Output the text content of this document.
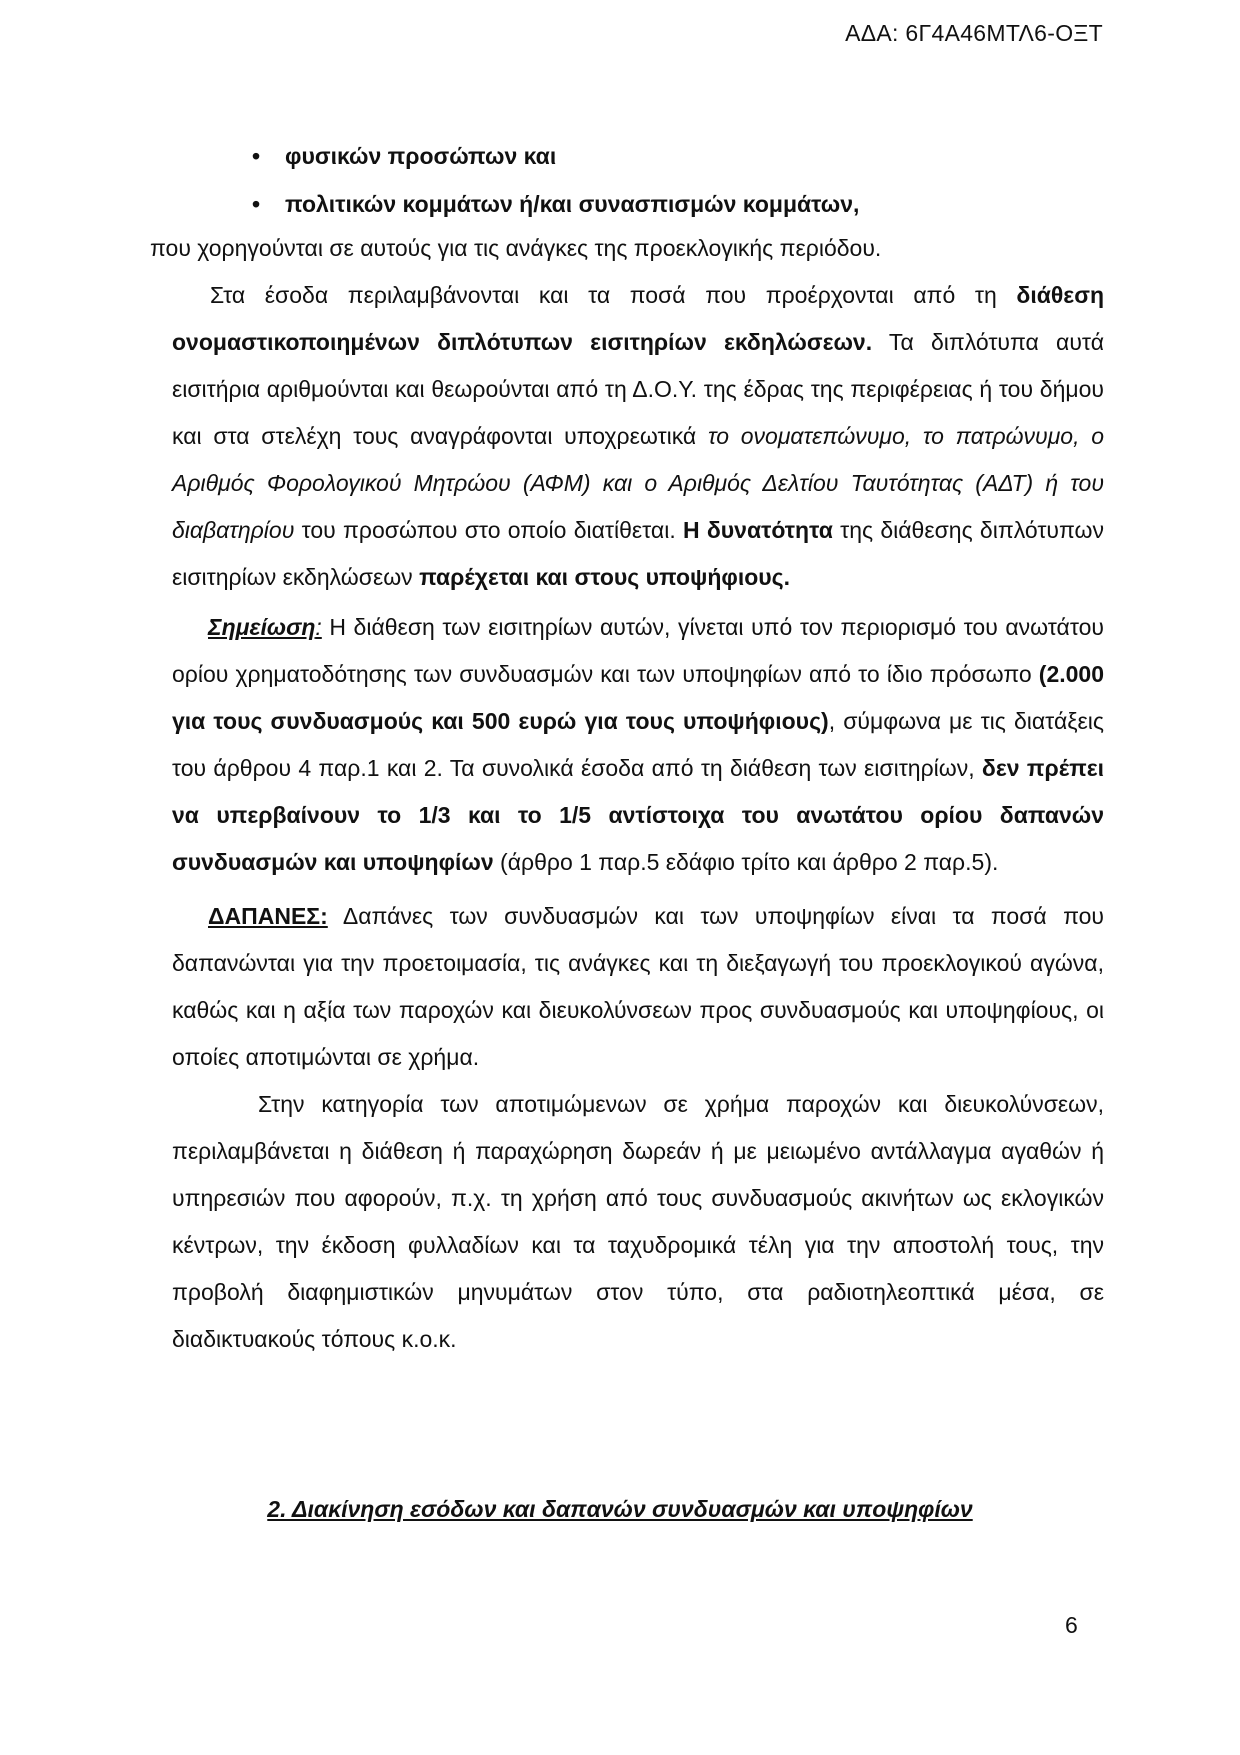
ΑΔΑ: 6Γ4Α46ΜΤΛ6-ΟΞΤ
• φυσικών προσώπων και
• πολιτικών κομμάτων ή/και συνασπισμών κομμάτων,

που χορηγούνται σε αυτούς για τις ανάγκες της προεκλογικής περιόδου.

Στα έσοδα περιλαμβάνονται και τα ποσά που προέρχονται από τη διάθεση ονομαστικοποιημένων διπλότυπων εισιτηρίων εκδηλώσεων. Τα διπλότυπα αυτά εισιτήρια αριθμούνται και θεωρούνται από τη Δ.Ο.Υ. της έδρας της περιφέρειας ή του δήμου και στα στελέχη τους αναγράφονται υποχρεωτικά το ονοματεπώνυμο, το πατρώνυμο, ο Αριθμός Φορολογικού Μητρώου (ΑΦΜ) και ο Αριθμός Δελτίου Ταυτότητας (ΑΔΤ) ή του διαβατηρίου του προσώπου στο οποίο διατίθεται. Η δυνατότητα της διάθεσης διπλότυπων εισιτηρίων εκδηλώσεων παρέχεται και στους υποψήφιους.

Σημείωση: Η διάθεση των εισιτηρίων αυτών, γίνεται υπό τον περιορισμό του ανωτάτου ορίου χρηματοδότησης των συνδυασμών και των υποψηφίων από το ίδιο πρόσωπο (2.000 για τους συνδυασμούς και 500 ευρώ για τους υποψήφιους), σύμφωνα με τις διατάξεις του άρθρου 4 παρ.1 και 2. Τα συνολικά έσοδα από τη διάθεση των εισιτηρίων, δεν πρέπει να υπερβαίνουν το 1/3 και το 1/5 αντίστοιχα του ανωτάτου ορίου δαπανών συνδυασμών και υποψηφίων (άρθρο 1 παρ.5 εδάφιο τρίτο και άρθρο 2 παρ.5).

ΔΑΠΑΝΕΣ: Δαπάνες των συνδυασμών και των υποψηφίων είναι τα ποσά που δαπανώνται για την προετοιμασία, τις ανάγκες και τη διεξαγωγή του προεκλογικού αγώνα, καθώς και η αξία των παροχών και διευκολύνσεων προς συνδυασμούς και υποψηφίους, οι οποίες αποτιμώνται σε χρήμα.

Στην κατηγορία των αποτιμώμενων σε χρήμα παροχών και διευκολύνσεων, περιλαμβάνεται η διάθεση ή παραχώρηση δωρεάν ή με μειωμένο αντάλλαγμα αγαθών ή υπηρεσιών που αφορούν, π.χ. τη χρήση από τους συνδυασμούς ακινήτων ως εκλογικών κέντρων, την έκδοση φυλλαδίων και τα ταχυδρομικά τέλη για την αποστολή τους, την προβολή διαφημιστικών μηνυμάτων στον τύπο, στα ραδιοτηλεοπτικά μέσα, σε διαδικτυακούς τόπους κ.ο.κ.

2. Διακίνηση εσόδων και δαπανών συνδυασμών και υποψηφίων
6
